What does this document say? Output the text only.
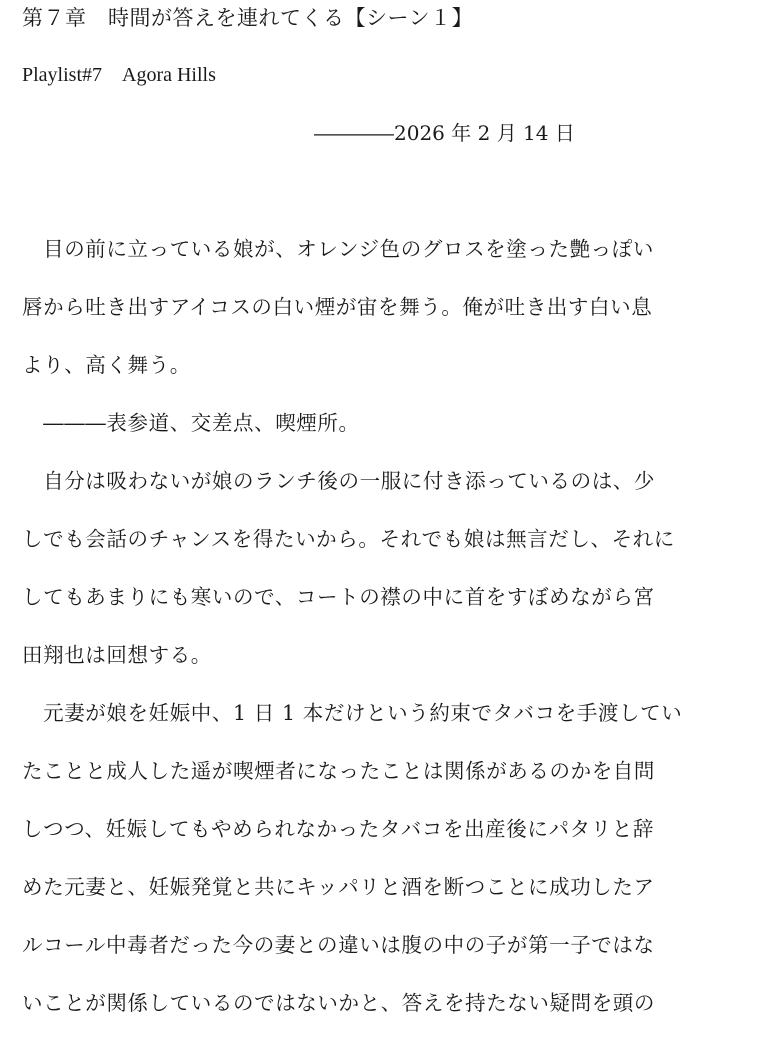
第７章　時間が答えを連れてくる【シーン１】
Playlist#7　Agora Hills
――――2026 年 2 月 14 日
　目の前に立っている娘が、オレンジ色のグロスを塗った艶っぽい
唇から吐き出すアイコスの白い煙が宙を舞う。俺が吐き出す白い息
より、高く舞う。
　―――表参道、交差点、喫煙所。
　自分は吸わないが娘のランチ後の一服に付き添っているのは、少
しでも会話のチャンスを得たいから。それでも娘は無言だし、それに
してもあまりにも寒いので、コートの襟の中に首をすぼめながら宮
田翔也は回想する。
　元妻が娘を妊娠中、1 日 1 本だけという約束でタバコを手渡してい
たことと成人した遥が喫煙者になったことは関係があるのかを自問
しつつ、妊娠してもやめられなかったタバコを出産後にパタリと辞
めた元妻と、妊娠発覚と共にキッパリと酒を断つことに成功したア
ルコール中毒者だった今の妻との違いは腹の中の子が第一子ではな
いことが関係しているのではないかと、答えを持たない疑問を頭の
